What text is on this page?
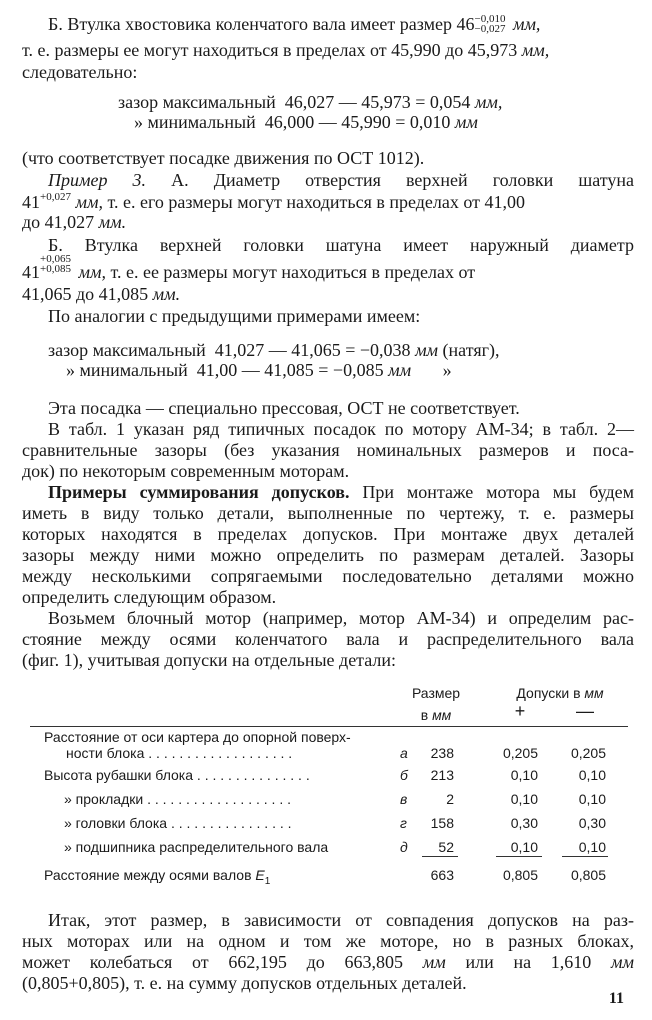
Б. Втулка хвостовика коленчатого вала имеет размер 46 $^{-0,010 -0,027}$ мм,
т. е. размеры ее могут находиться в пределах от 45,990 до 45,973 мм,
следовательно:
зазор максимальный 46,027 — 45,973 = 0,054 мм,
» минимальный 46,000 — 45,990 = 0,010 мм
(что соответствует посадке движения по ОСТ 1012).
Пример 3. А. Диаметр отверстия верхней головки шатуна
$41^{+0,027}$ мм, т. е. его размеры могут находиться в пределах от 41,00
до 41,027 мм.
Б. Втулка верхней головки шатуна имеет наружный диаметр
41
$^{+0,065 +0,085}$ мм, т. е. ее размеры могут находиться в пределах от
41,065 до 41,085 мм.
По аналогии с предыдущими примерами имеем:
зазор максимальный 41,027 — 41,065 = −0,038 мм (натяг),
» минимальный 41,00 — 41,085 = −0,085 мм »
Эта посадка — специально прессовая, ОСТ не соответствует.
В табл. 1 указан ряд типичных посадок по мотору АМ-34; в табл. 2—
сравнительные зазоры (без указания номинальных размеров и поса-
док) по некоторым современным моторам.
Примеры суммирования допусков. При монтаже мотора мы будем
иметь в виду только детали, выполненные по чертежу, т. е. размеры
которых находятся в пределах допусков. При монтаже двух деталей
зазоры между ними можно определить по размерам деталей. Зазоры
между несколькими сопрягаемыми последовательно деталями можно
определить следующим образом.
Возьмем блочный мотор (например, мотор АМ-34) и определим рас-
стояние между осями коленчатого вала и распределительного вала
(фиг. 1), учитывая допуски на отдельные детали:
Размер
в мм
Допуски в мм
+	—
Расстояние от оси картера до опорной поверх-
ности блока . . . . . . . . . . . . . . . . . . .	а	238	0,205	0,205
Высота рубашки блока . . . . . . . . . . . . . . .	б	213	0,10	0,10
» прокладки . . . . . . . . . . . . . . . . . . .	в	2	0,10	0,10
» головки блока . . . . . . . . . . . . . . . .	г	158	0,30	0,30
» подшипника распределительного вала	д	52	0,10	0,10
Расстояние между осями валов $E_1$	663	0,805	0,805
Итак, этот размер, в зависимости от совпадения допусков на раз-
ных моторах или на одном и том же моторе, но в разных блоках,
может колебаться от 662,195 до 663,805 мм или на 1,610 мм
(0,805+0,805), т. е. на сумму допусков отдельных деталей.
11
